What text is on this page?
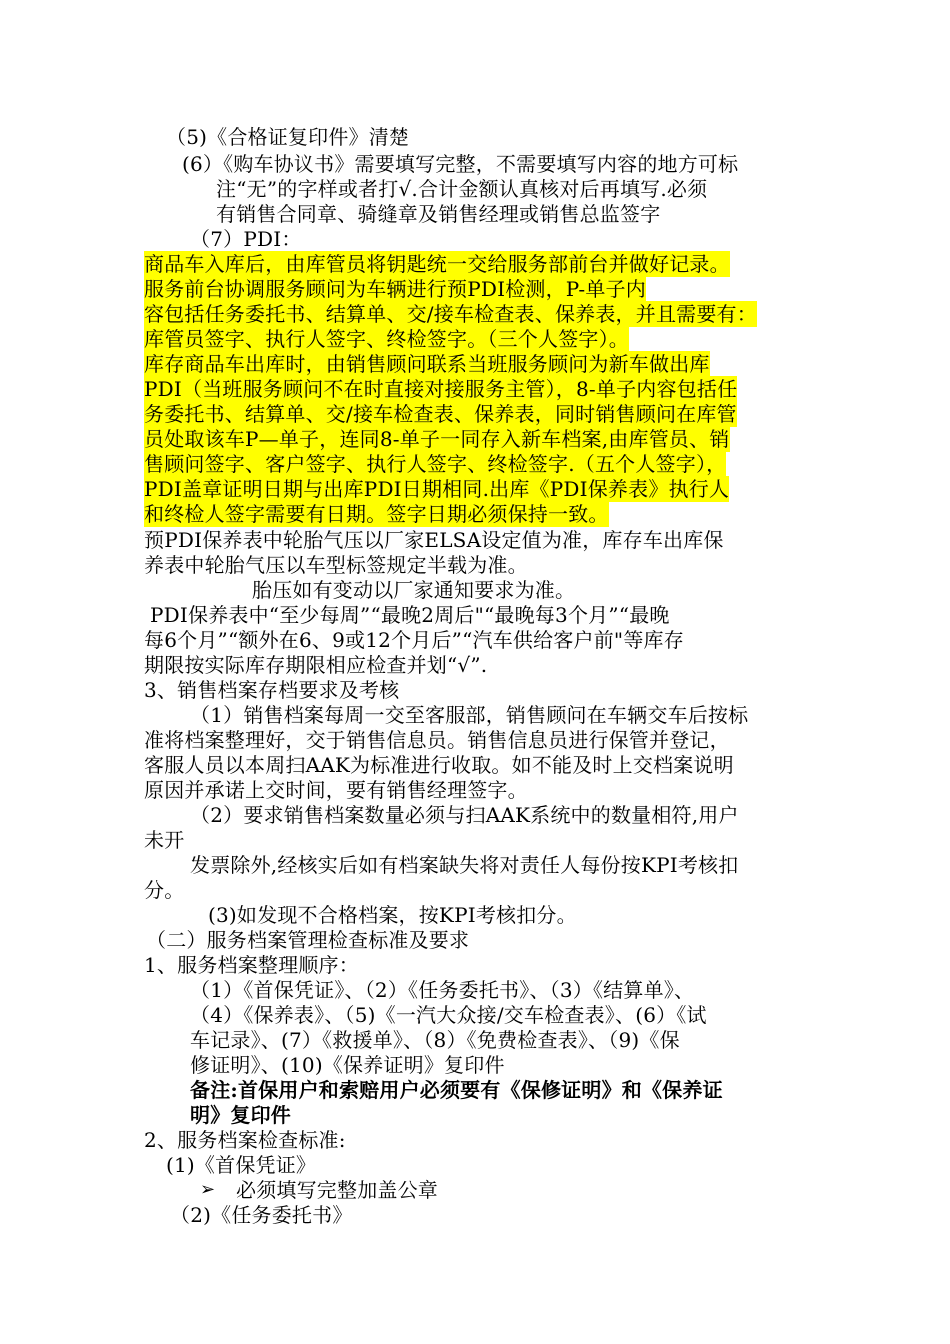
（5)《合格证复印件》清楚
(6）《购车协议书》需要填写完整，不需要填写内容的地方可标
注“无”的字样或者打√.合计金额认真核对后再填写.必须
有销售合同章、骑缝章及销售经理或销售总监签字
（7）PDI：
商品车入库后，由库管员将钥匙统一交给服务部前台并做好记录。
服务前台协调服务顾问为车辆进行预PDI检测，P-单子内
容包括任务委托书、结算单、交/接车检查表、保养表，并且需要有：
库管员签字、执行人签字、终检签字。（三个人签字）。
库存商品车出库时，由销售顾问联系当班服务顾问为新车做出库
PDI（当班服务顾问不在时直接对接服务主管），8-单子内容包括任
务委托书、结算单、交/接车检查表、保养表，同时销售顾问在库管
员处取该车P—单子，连同8-单子一同存入新车档案,由库管员、销
售顾问签字、客户签字、执行人签字、终检签字.（五个人签字），
PDI盖章证明日期与出库PDI日期相同.出库《PDI保养表》执行人
和终检人签字需要有日期。签字日期必须保持一致。
预PDI保养表中轮胎气压以厂家ELSA设定值为准，库存车出库保
养表中轮胎气压以车型标签规定半载为准。
胎压如有变动以厂家通知要求为准。
PDI保养表中“至少每周”“最晚2周后"“最晚每3个月”“最晚
每6个月”“额外在6、9或12个月后”“汽车供给客户前"等库存
期限按实际库存期限相应检查并划“√”.
3、销售档案存档要求及考核
（1）销售档案每周一交至客服部，销售顾问在车辆交车后按标
准将档案整理好，交于销售信息员。销售信息员进行保管并登记，
客服人员以本周扫AAK为标准进行收取。如不能及时上交档案说明
原因并承诺上交时间，要有销售经理签字。
（2）要求销售档案数量必须与扫AAK系统中的数量相符,用户
未开
发票除外,经核实后如有档案缺失将对责任人每份按KPI考核扣
分。
(3)如发现不合格档案，按KPI考核扣分。
（二）服务档案管理检查标准及要求
1、服务档案整理顺序：
（1）《首保凭证》、（2）《任务委托书》、（3）《结算单》、
（4）《保养表》、（5)《一汽大众接/交车检查表》、(6）《试
车记录》、(7）《救援单》、（8）《免费检查表》、（9)《保
修证明》、(10)《保养证明》复印件
备注:首保用户和索赔用户必须要有《保修证明》和《保养证
明》复印件
2、服务档案检查标准:
(1)《首保凭证》
➢ 必须填写完整加盖公章
（2)《任务委托书》
